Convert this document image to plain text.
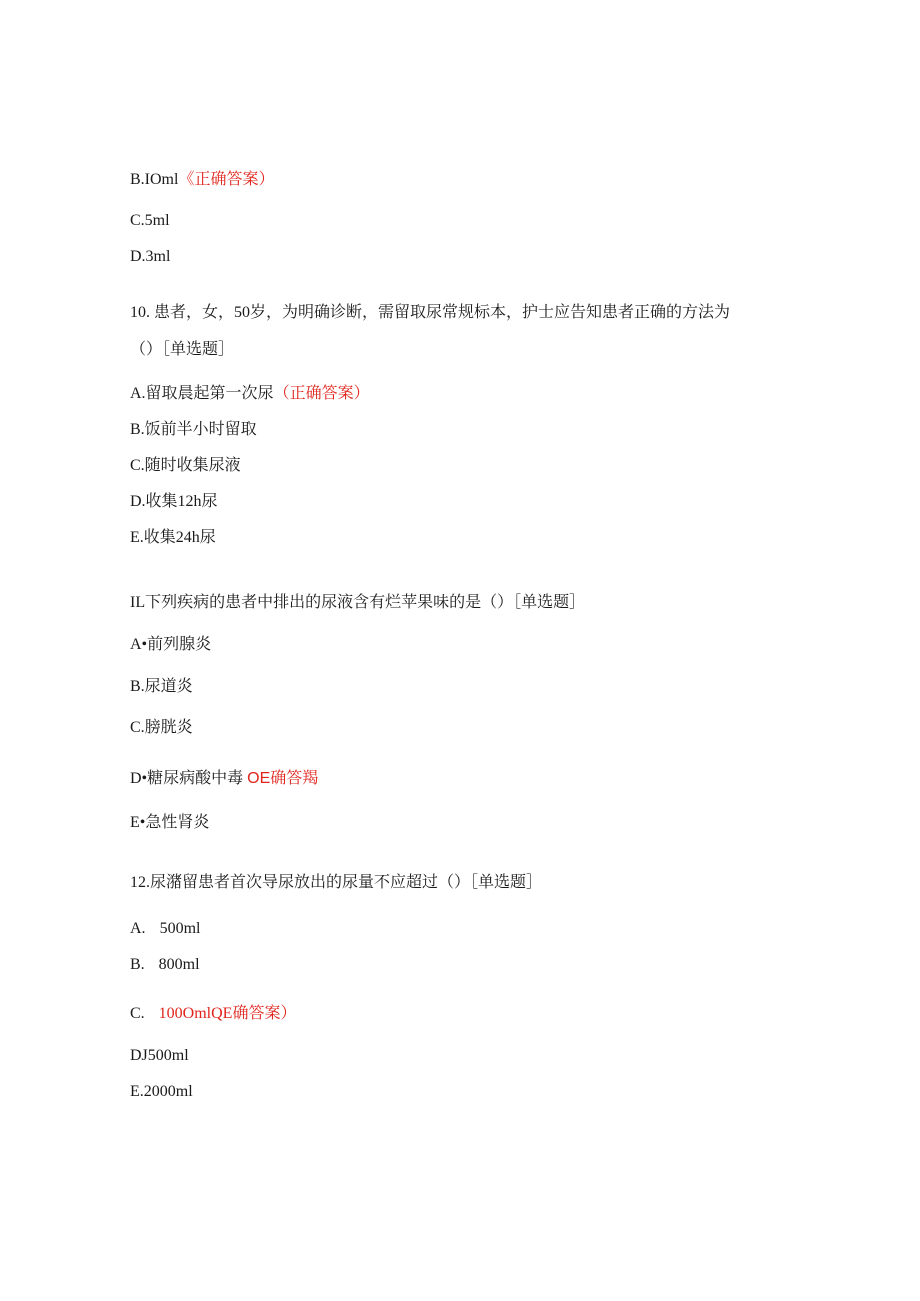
B.IOml《正确答案）
C.5ml
D.3ml
10. 患者，女，50岁，为明确诊断，需留取尿常规标本，护士应告知患者正确的方法为
（）［单选题］
A.留取晨起第一次尿（正确答案）
B.饭前半小时留取
C.随时收集尿液
D.收集12h尿
E.收集24h尿
IL下列疾病的患者中排出的尿液含有烂苹果味的是（）［单选题］
A•前列腺炎
B.尿道炎
C.膀胱炎
D•糖尿病酸中毒 OE确答羯
E•急性肾炎
12.尿潴留患者首次导尿放出的尿量不应超过（）［单选题］
A. 500ml
B. 800ml
C. 100OmlQE确答案）
DJ500ml
E.2000ml
